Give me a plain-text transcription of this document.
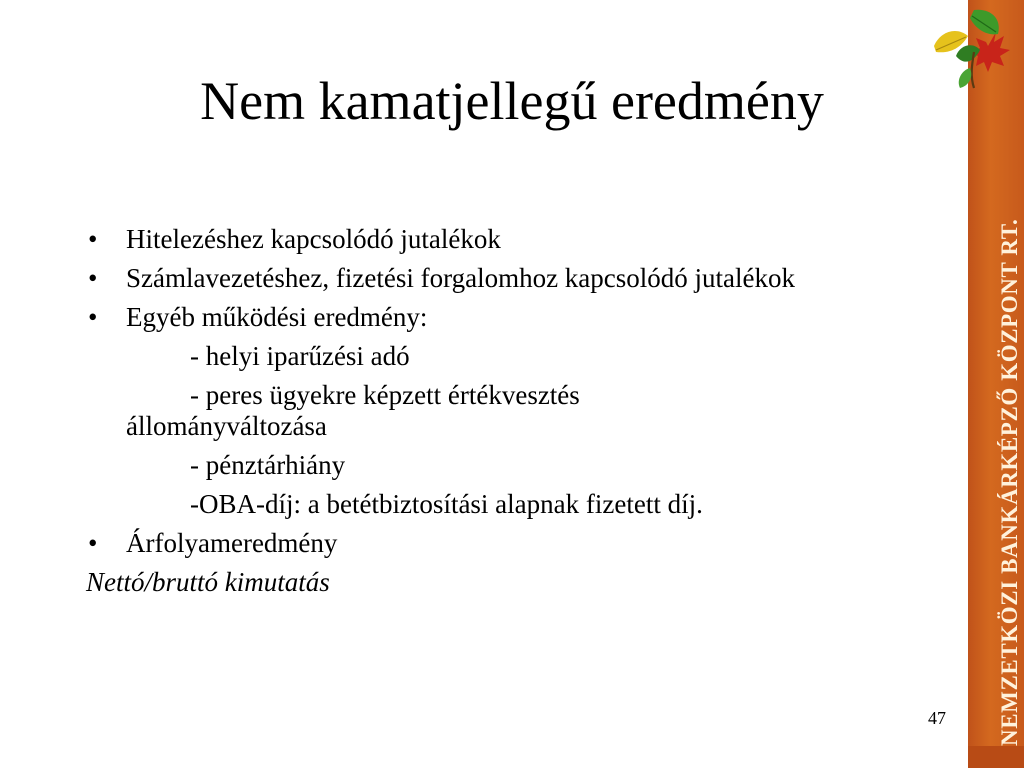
Nem kamatjellegű eredmény
• Hitelezéshez kapcsolódó jutalékok
• Számlavezetéshez, fizetési forgalomhoz kapcsolódó jutalékok
• Egyéb működési eredmény:
- helyi iparűzési adó
- peres ügyekre képzett értékvesztés
állományváltozása
- pénztárhiány
-OBA-díj: a betétbiztosítási alapnak fizetett díj.
• Árfolyameredmény
Nettó/bruttó kimutatás
47 NEMZETKÖZI BANKÁRKÉPZŐ KÖZPONT RT.
